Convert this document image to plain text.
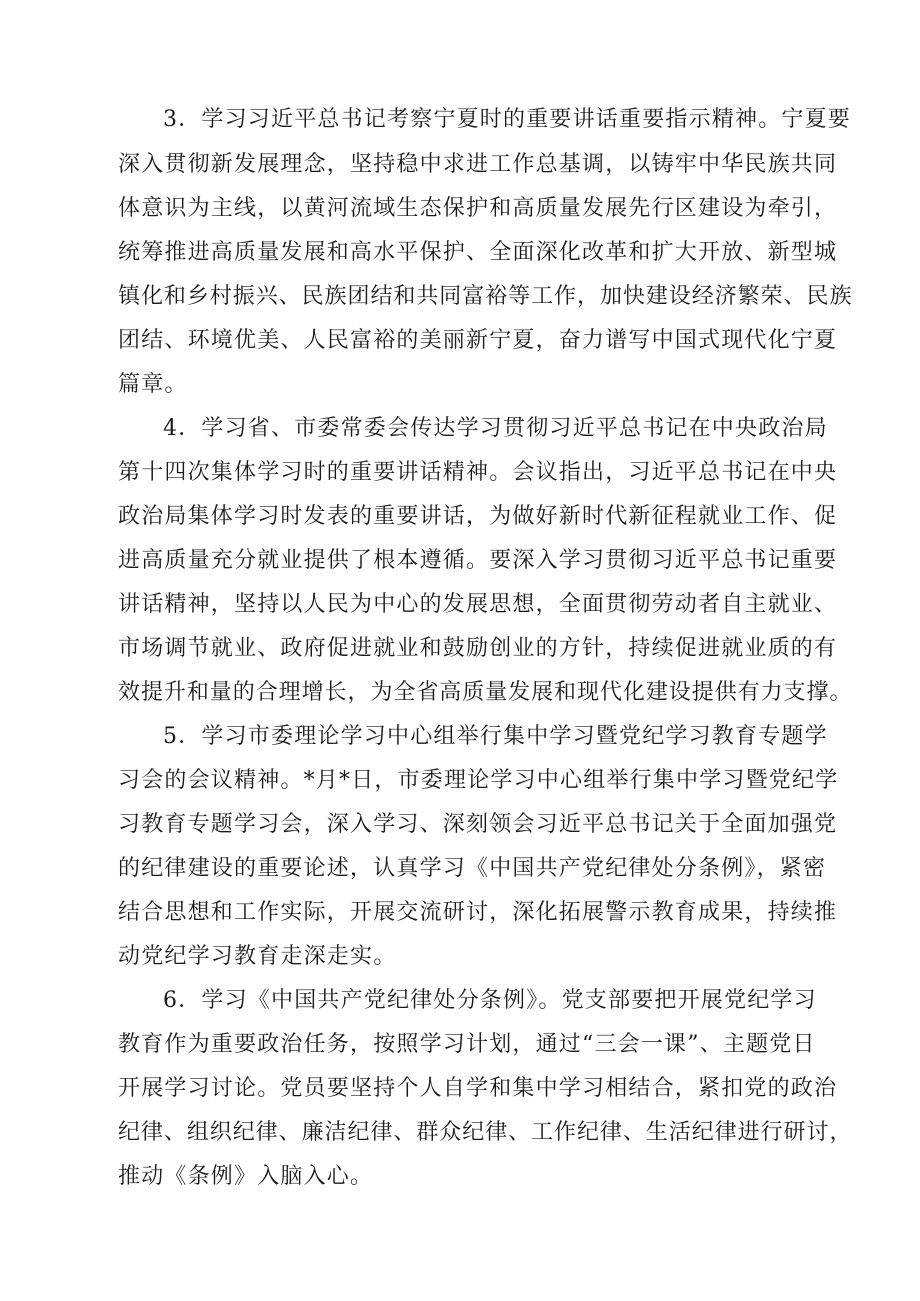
3．学习习近平总书记考察宁夏时的重要讲话重要指示精神。宁夏要
深入贯彻新发展理念，坚持稳中求进工作总基调，以铸牢中华民族共同
体意识为主线，以黄河流域生态保护和高质量发展先行区建设为牵引，
统筹推进高质量发展和高水平保护、全面深化改革和扩大开放、新型城
镇化和乡村振兴、民族团结和共同富裕等工作，加快建设经济繁荣、民族
团结、环境优美、人民富裕的美丽新宁夏，奋力谱写中国式现代化宁夏
篇章。
4．学习省、市委常委会传达学习贯彻习近平总书记在中央政治局
第十四次集体学习时的重要讲话精神。会议指出，习近平总书记在中央
政治局集体学习时发表的重要讲话，为做好新时代新征程就业工作、促
进高质量充分就业提供了根本遵循。要深入学习贯彻习近平总书记重要
讲话精神，坚持以人民为中心的发展思想，全面贯彻劳动者自主就业、
市场调节就业、政府促进就业和鼓励创业的方针，持续促进就业质的有
效提升和量的合理增长，为全省高质量发展和现代化建设提供有力支撑。
5．学习市委理论学习中心组举行集中学习暨党纪学习教育专题学
习会的会议精神。*月*日，市委理论学习中心组举行集中学习暨党纪学
习教育专题学习会，深入学习、深刻领会习近平总书记关于全面加强党
的纪律建设的重要论述，认真学习《中国共产党纪律处分条例》，紧密
结合思想和工作实际，开展交流研讨，深化拓展警示教育成果，持续推
动党纪学习教育走深走实。
6．学习《中国共产党纪律处分条例》。党支部要把开展党纪学习
教育作为重要政治任务，按照学习计划，通过“三会一课”、主题党日
开展学习讨论。党员要坚持个人自学和集中学习相结合，紧扣党的政治
纪律、组织纪律、廉洁纪律、群众纪律、工作纪律、生活纪律进行研讨，
推动《条例》入脑入心。
